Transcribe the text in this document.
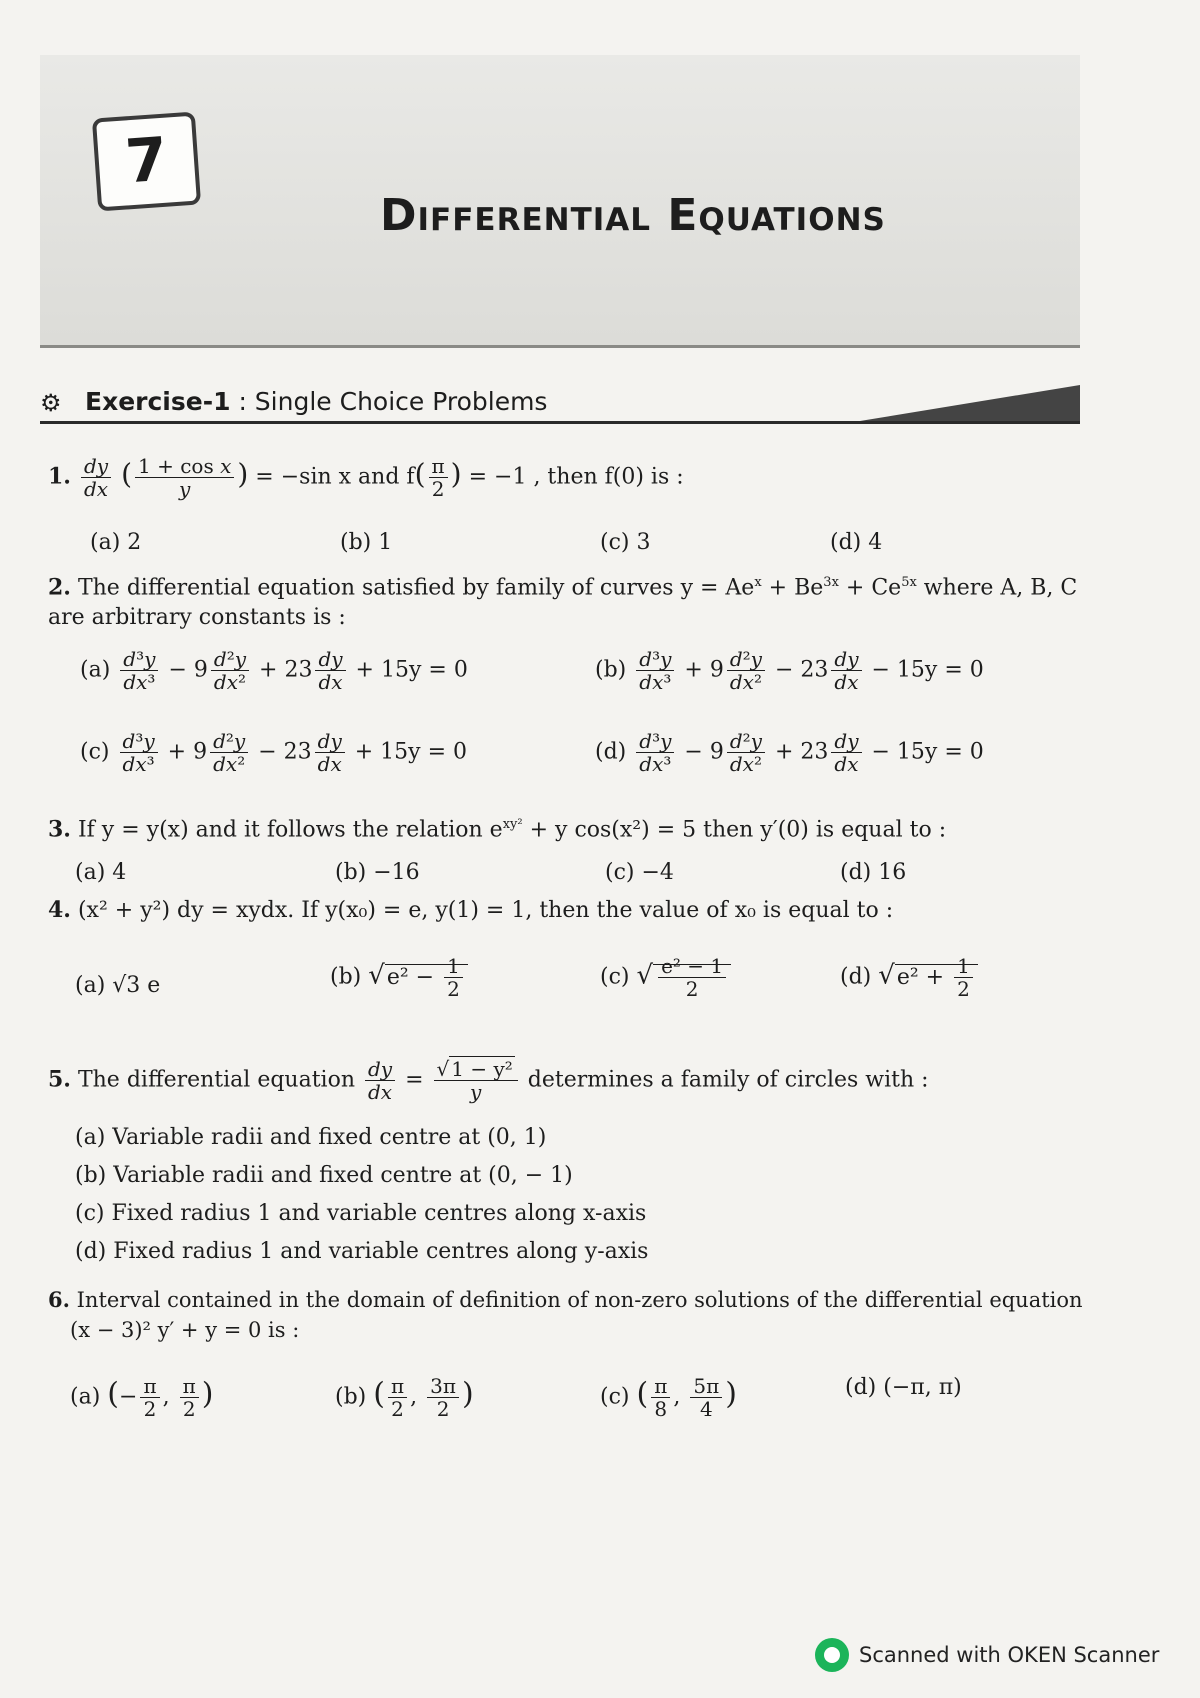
7
Differential Equations
⚙ Exercise-1 : Single Choice Problems
1. $\frac{dy}{dx}$ ( $\frac{\text{1 + cos x}}{y}$ ) = −sin x and $f( \frac{\pi}{2}$ ) = −1 , then f(0) is :
(a) 2	(b) 1	(c) 3	(d) 4
2. The differential equation satisfied by family of curves $y = Ae^x + Be^{3x} + Ce^{5x}$ where A, B, C are arbitrary constants is :
$(a) \frac{\text{d³y}}{\text{dx³}} - 9 \frac{\text{d²y}}{\text{dx²}} + 23 \frac{dy}{dx} + 15y = 0$	$(b) \frac{\text{d³y}}{\text{dx³}} + 9 \frac{\text{d²y}}{\text{dx²}} - 23 \frac{dy}{dx} - 15y = 0$
$(c) \frac{\text{d³y}}{\text{dx³}} + 9 \frac{\text{d²y}}{\text{dx²}} - 23 \frac{dy}{dx} + 15y = 0$	$(d) \frac{\text{d³y}}{\text{dx³}} - 9 \frac{\text{d²y}}{\text{dx²}} + 23 \frac{dy}{dx} - 15y = 0$
3. If y = y(x) and it follows the relation $e^{xy^2} + y$ cos(x²) = 5 then y′(0) is equal to :
(a) 4	(b) −16	(c) −4	(d) 16
4. (x² + y²) dy = xydx. If y(x₀) = e, y(1) = 1, then the value of x₀ is equal to :
(a) √3 e	(b) $√e^2 - \frac{1}{2}$	(c) √ $\frac{\text{e² − 1}}{2}$	(d) $√e^2 + \frac{1}{2}$
5. The differential equation $\frac{dy}{dx} = \frac{\text{√ 1 − y²}}{y}$ determines a family of circles with :
(a) Variable radii and fixed centre at (0, 1)
(b) Variable radii and fixed centre at (0, − 1)
(c) Fixed radius 1 and variable centres along x-axis
(d) Fixed radius 1 and variable centres along y-axis
6. Interval contained in the domain of definition of non-zero solutions of the differential equation
(x − 3)² y′ + y = 0 is :
(a) (− $\frac{\pi}{2}$ , $\frac{\pi}{2}$ )	(b) ( $\frac{\pi}{2}$ , $\frac{3\pi}{2}$ )	(c) ( $\frac{\pi}{8}$ , $\frac{5\pi}{4}$ )	(d) (−π, π)
Scanned with OKEN Scanner
